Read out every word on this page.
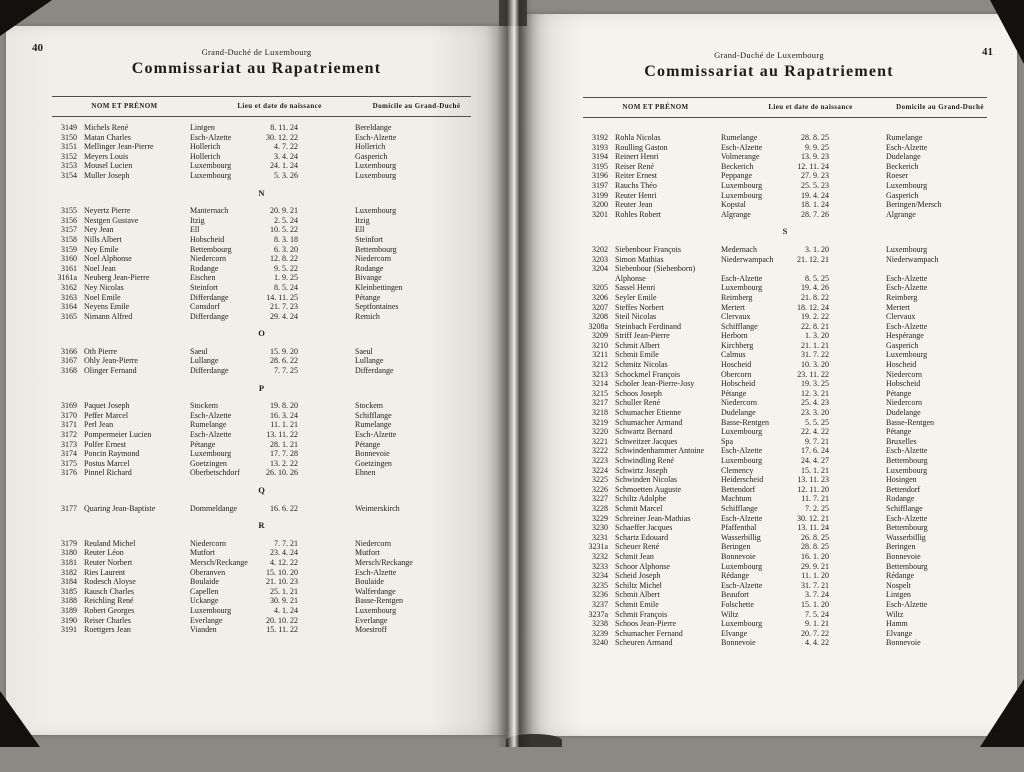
40	Grand-Duché de Luxembourg
Commissariat au Rapatriement
NOM ET PRÉNOM	Lieu et date de naissance	Domicile au Grand-Duché
3149 Michels René	Lintgen	8. 11. 24	Bereldange
3150 Matan Charles	Esch-Alzette	30. 12. 22	Esch-Alzette
3151 Mellinger Jean-Pierre	Hollerich	4. 7. 22	Hollerich
3152 Meyers Louis	Hollerich	3. 4. 24	Gasperich
3153 Mousel Lucien	Luxembourg	24. 1. 24	Luxembourg
3154 Muller Joseph	Luxembourg	5. 3. 26	Luxembourg
N
3155 Neyertz Pierre	Manternach	20. 9. 21	Luxembourg
3156 Nestgen Gustave	Itzig	2. 5. 24	Itzig
3157 Ney Jean	Ell	10. 5. 22	Ell
3158 Nills Albert	Hobscheid	8. 3. 18	Steinfort
3159 Ney Emile	Bettembourg	6. 3. 20	Bettembourg
3160 Noel Alphonse	Niedercorn	12. 8. 22	Niedercorn
3161 Noel Jean	Rodange	9. 5. 22	Rodange
3161a Neuberg Jean-Pierre	Eischen	1. 9. 25	Bivange
3162 Ney Nicolas	Steinfort	8. 5. 24	Kleinbettingen
3163 Noel Emile	Differdange	14. 11. 25	Pétange
3164 Neyens Emile	Consdorf	21. 7. 23	Septfontaines
3165 Nimann Alfred	Differdange	29. 4. 24	Remich
O
3166 Oth Pierre	Saeul	15. 9. 20	Saeul
3167 Ohly Jean-Pierre	Lullange	28. 6. 22	Lullange
3168 Olinger Fernand	Differdange	7. 7. 25	Differdange
P
3169 Paquet Joseph	Stockem	19. 8. 20	Stockem
3170 Peffer Marcel	Esch-Alzette	16. 3. 24	Schifflange
3171 Perl Jean	Rumelange	11. 1. 21	Rumelange
3172 Pompermeier Lucien	Esch-Alzette	13. 11. 22	Esch-Alzette
3173 Polfer Ernest	Pétange	28. 1. 21	Pétange
3174 Poncin Raymond	Luxembourg	17. 7. 28	Bonnevoie
3175 Postus Marcel	Goetzingen	13. 2. 22	Goetzingen
3176 Pinnel Richard	Oberbetschdorf	26. 10. 26	Ehnen
Q
3177 Quaring Jean-Baptiste	Dommeldange	16. 6. 22	Weimerskirch
R
3179 Reuland Michel	Niedercorn	7. 7. 21	Niedercorn
3180 Reuter Léon	Mutfort	23. 4. 24	Mutfort
3181 Reuter Norbert	Mersch/Reckange	4. 12. 22	Mersch/Reckange
3182 Ries Laurent	Oberanven	15. 10. 20	Esch-Alzette
3184 Rodesch Aloyse	Boulaide	21. 10. 23	Boulaide
3185 Rausch Charles	Capellen	25. 1. 21	Walferdange
3188 Reichling René	Uckange	30. 9. 21	Basse-Rentgen
3189 Robert Georges	Luxembourg	4. 1. 24	Luxembourg
3190 Reiser Charles	Everlange	20. 10. 22	Everlange
3191 Roettgers Jean	Vianden	15. 11. 22	Moestroff
41
Grand-Duché de Luxembourg
Commissariat au Rapatriement
NOM ET PRÉNOM	Lieu et date de naissance	Domicile au Grand-Duché
3192 Rohla Nicolas	Rumelange	28. 8. 25	Rumelange
3193 Roulling Gaston	Esch-Alzette	9. 9. 25	Esch-Alzette
3194 Reinert Henri	Volmerange	13. 9. 23	Dudelange
3195 Reiser René	Beckerich	12. 11. 24	Beckerich
3196 Reiter Ernest	Peppange	27. 9. 23	Roeser
3197 Rauchs Théo	Luxembourg	25. 5. 23	Luxembourg
3199 Reuter Henri	Luxembourg	19. 4. 24	Gasperich
3200 Reuter Jean	Kopstal	18. 1. 24	Beringen/Mersch
3201 Rohles Robert	Algrange	28. 7. 26	Algrange
S
3202 Siebenbour François	Medernach	3. 1. 20	Luxembourg
3203 Simon Mathias	Niederwampach	21. 12. 21	Niederwampach
3204 Siebenbour (Siebenborn)
Alphonse	Esch-Alzette	8. 5. 25	Esch-Alzette
3205 Sassel Henri	Luxembourg	19. 4. 26	Esch-Alzette
3206 Seyler Emile	Reimberg	21. 8. 22	Reimberg
3207 Steffes Norbert	Mertert	18. 12. 24	Mertert
3208 Steil Nicolas	Clervaux	19. 2. 22	Clervaux
3208a Steinbach Ferdinand	Schifflange	22. 8. 21	Esch-Alzette
3209 Striff Jean-Pierre	Herborn	1. 3. 20	Hespérange
3210 Schmit Albert	Kirchberg	21. 1. 21	Gasperich
3211 Schmit Emile	Calmus	31. 7. 22	Luxembourg
3212 Schmitz Nicolas	Hoscheid	10. 3. 20	Hoscheid
3213 Schockmel François	Obercorn	23. 11. 22	Niedercorn
3214 Scholer Jean-Pierre-Josy	Hobscheid	19. 3. 25	Hobscheid
3215 Schoos Joseph	Pétange	12. 3. 21	Pétange
3217 Schuller René	Niedercorn	25. 4. 23	Niedercorn
3218 Schumacher Etienne	Dudelange	23. 3. 20	Dudelange
3219 Schumacher Armand	Basse-Rentgen	5. 5. 25	Basse-Rentgen
3220 Schwartz Bernard	Luxembourg	22. 4. 22	Pétange
3221 Schweitzer Jacques	Spa	9. 7. 21	Bruxelles
3222 Schwindenhammer Antoine	Esch-Alzette	17. 6. 24	Esch-Alzette
3223 Schwindling René	Luxembourg	24. 4. 27	Bettembourg
3224 Schwirtz Joseph	Clemency	15. 1. 21	Luxembourg
3225 Schwinden Nicolas	Heiderscheid	13. 11. 23	Hosingen
3226 Schmoetten Auguste	Bettendorf	12. 11. 20	Bettendorf
3227 Schiltz Adolphe	Machtum	11. 7. 21	Rodange
3228 Schmit Marcel	Schifflange	7. 2. 25	Schifflange
3229 Schreiner Jean-Mathias	Esch-Alzette	30. 12. 21	Esch-Alzette
3230 Schaeffer Jacques	Pfaffenthal	13. 11. 24	Bettembourg
3231 Schartz Edouard	Wasserbillig	26. 8. 25	Wasserbillig
3231a Scheuer René	Beringen	28. 8. 25	Beringen
3232 Schmit Jean	Bonnevoie	16. 1. 20	Bonnevoie
3233 Schoor Alphonse	Luxembourg	29. 9. 21	Bettembourg
3234 Scheid Joseph	Rédange	11. 1. 20	Rédange
3235 Schiltz Michel	Esch-Alzette	31. 7. 21	Nospelt
3236 Schmit Albert	Beaufort	3. 7. 24	Lintgen
3237 Schmit Emile	Folschette	15. 1. 20	Esch-Alzette
3237a Schmit François	Wiltz	7. 5. 24	Wiltz
3238 Schoos Jean-Pierre	Luxembourg	9. 1. 21	Hamm
3239 Schumacher Fernand	Elvange	20. 7. 22	Elvange
3240 Scheuren Armand	Bonnevoie	4. 4. 22	Bonnevoie
